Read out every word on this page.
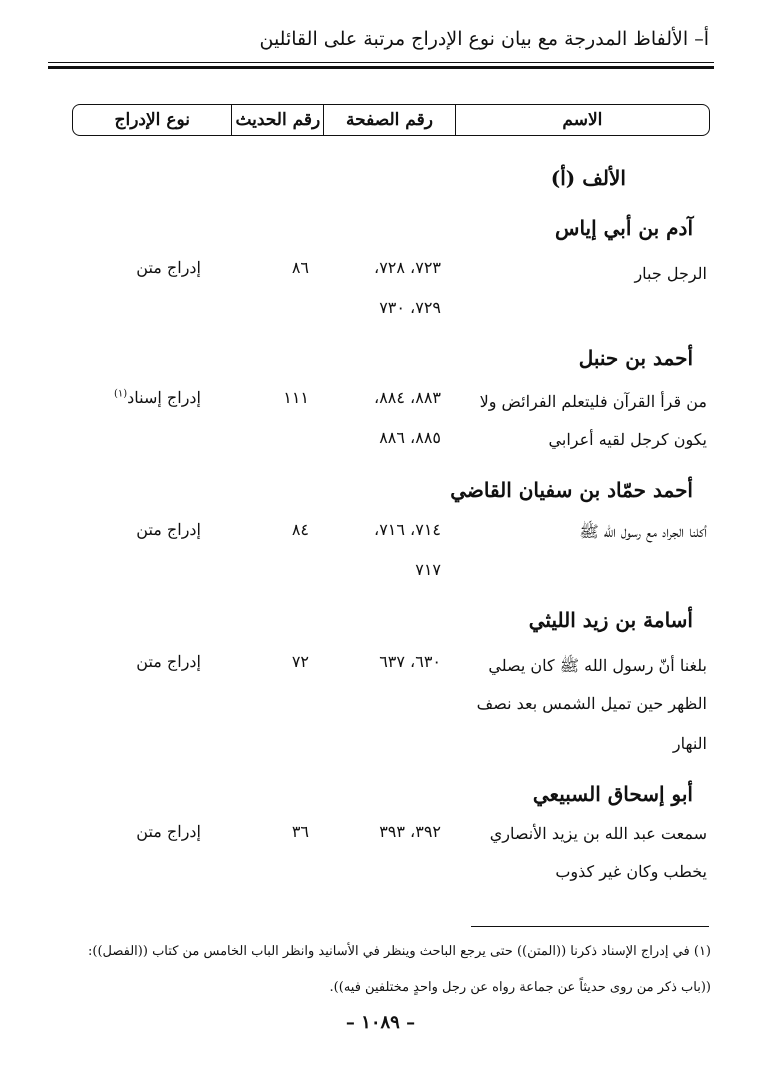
أ– الألفاظ المدرجة مع بيان نوع الإدراج مرتبة على القائلين
الاسم
رقم الصفحة
رقم الحديث
نوع الإدراج
الألف (أ)
آدم بن أبي إياس
الرجل جبار
٧٢٣، ٧٢٨،
٧٢٩، ٧٣٠
٨٦
إدراج متن
أحمد بن حنبل
من قرأ القرآن فليتعلم الفرائض ولا
يكون كرجل لقيه أعرابي
٨٨٣، ٨٨٤،
٨٨٥، ٨٨٦
١١١
إدراج إسناد$^{(١)}$
أحمد حمّاد بن سفيان القاضي
أكلنا الجراد مع رسول الله ﷺ
٧١٤، ٧١٦،
٧١٧
٨٤
إدراج متن
أسامة بن زيد الليثي
بلغنا أنّ رسول الله ﷺ كان يصلي
الظهر حين تميل الشمس بعد نصف
النهار
٦٣٠، ٦٣٧
٧٢
إدراج متن
أبو إسحاق السبيعي
سمعت عبد الله بن يزيد الأنصاري
يخطب وكان غير كذوب
٣٩٢، ٣٩٣
٣٦
إدراج متن
(١) في إدراج الإسناد ذكرنا ((المتن)) حتى يرجع الباحث وينظر في الأسانيد وانظر الباب الخامس من كتاب ((الفصل)):
((باب ذكر من روى حديثاً عن جماعة رواه عن رجل واحدٍ مختلفين فيه)).
– ١٠٨٩ –
